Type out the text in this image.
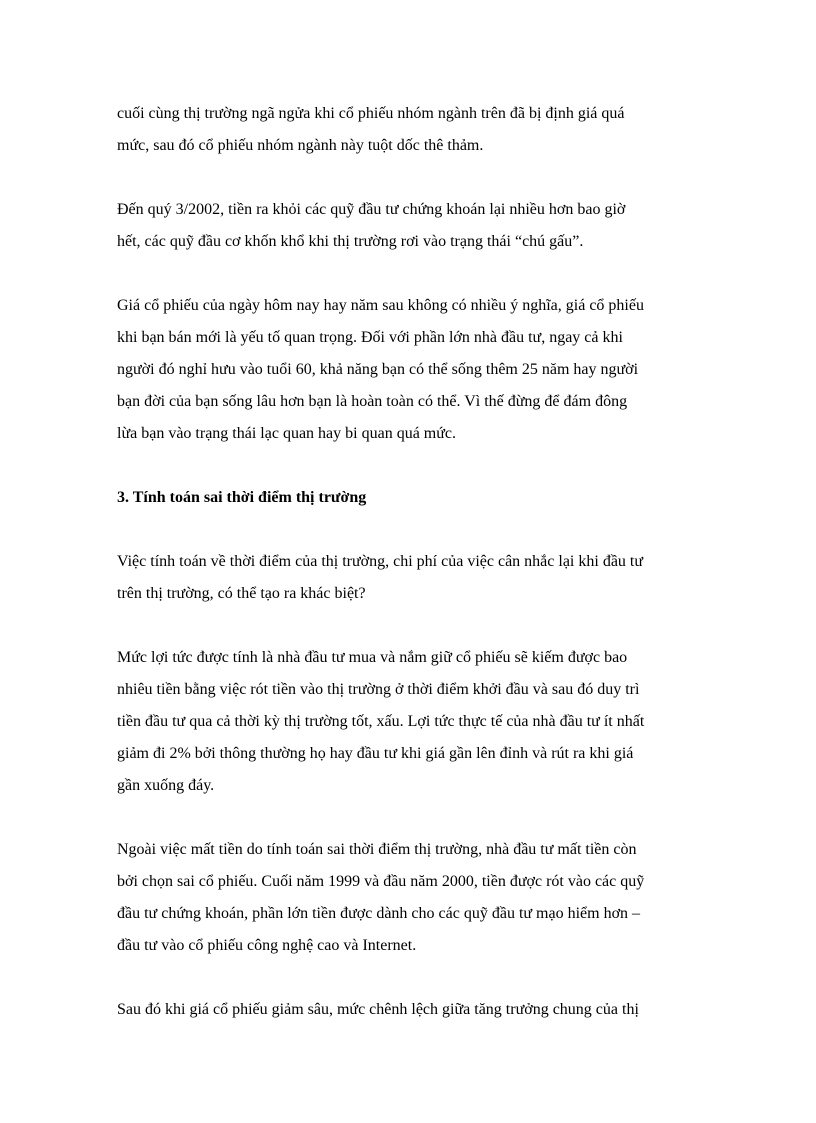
cuối cùng thị trường ngã ngửa khi cổ phiếu nhóm ngành trên đã bị định giá quá
mức, sau đó cổ phiếu nhóm ngành này tuột dốc thê thảm.

Đến quý 3/2002, tiền ra khỏi các quỹ đầu tư chứng khoán lại nhiều hơn bao giờ
hết, các quỹ đầu cơ khốn khổ khi thị trường rơi vào trạng thái “chú gấu”.

Giá cổ phiếu của ngày hôm nay hay năm sau không có nhiều ý nghĩa, giá cổ phiếu
khi bạn bán mới là yếu tố quan trọng. Đối với phần lớn nhà đầu tư, ngay cả khi
người đó nghỉ hưu vào tuổi 60, khả năng bạn có thể sống thêm 25 năm hay người
bạn đời của bạn sống lâu hơn bạn là hoàn toàn có thể. Vì thế đừng để đám đông
lừa bạn vào trạng thái lạc quan hay bi quan quá mức.

3. Tính toán sai thời điểm thị trường

Việc tính toán về thời điểm của thị trường, chi phí của việc cân nhắc lại khi đầu tư
trên thị trường, có thể tạo ra khác biệt?

Mức lợi tức được tính là nhà đầu tư mua và nắm giữ cổ phiếu sẽ kiếm được bao
nhiêu tiền bằng việc rót tiền vào thị trường ở thời điểm khởi đầu và sau đó duy trì
tiền đầu tư qua cả thời kỳ thị trường tốt, xấu. Lợi tức thực tế của nhà đầu tư ít nhất
giảm đi 2% bởi thông thường họ hay đầu tư khi giá gần lên đỉnh và rút ra khi giá
gần xuống đáy.

Ngoài việc mất tiền do tính toán sai thời điểm thị trường, nhà đầu tư mất tiền còn
bởi chọn sai cổ phiếu. Cuối năm 1999 và đầu năm 2000, tiền được rót vào các quỹ
đầu tư chứng khoán, phần lớn tiền được dành cho các quỹ đầu tư mạo hiểm hơn –
đầu tư vào cổ phiếu công nghệ cao và Internet.

Sau đó khi giá cổ phiếu giảm sâu, mức chênh lệch giữa tăng trưởng chung của thị
